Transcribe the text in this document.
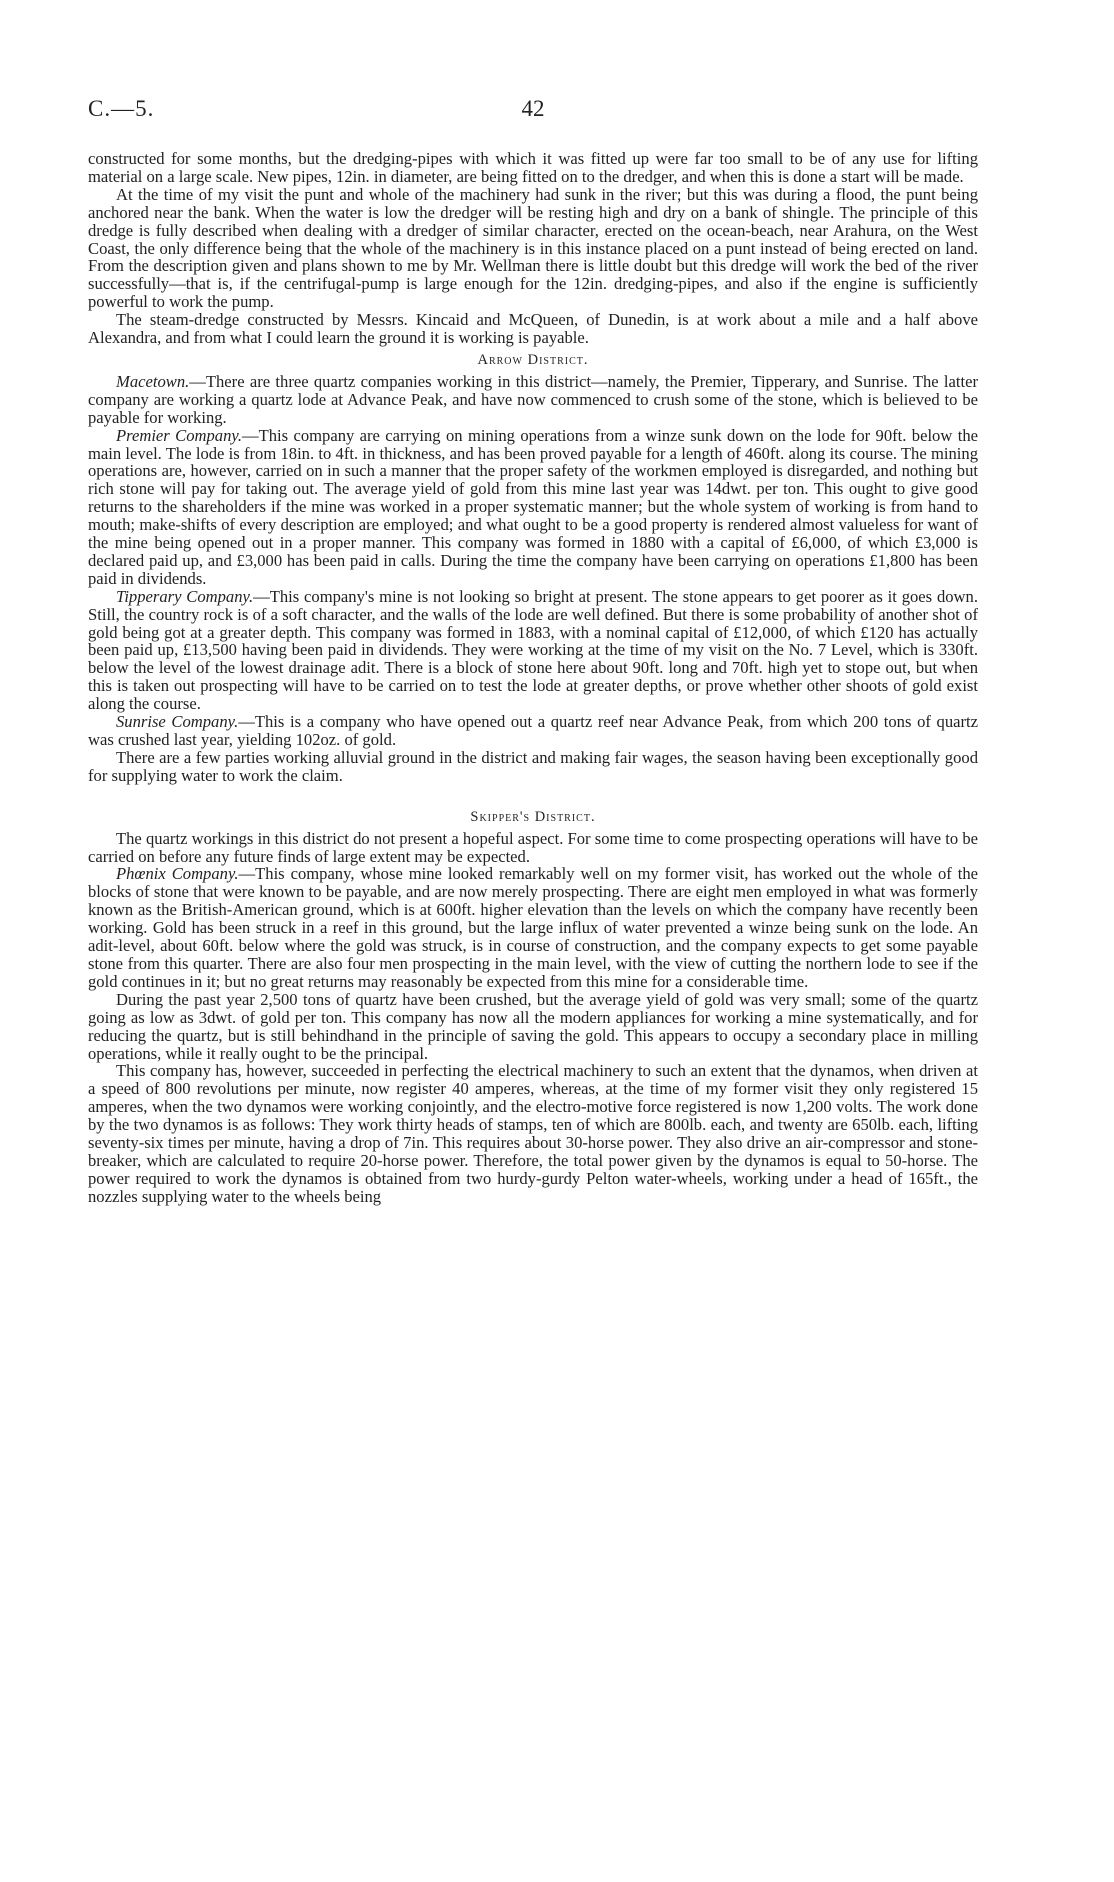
C.—5.	42

constructed for some months, but the dredging-pipes with which it was fitted up were far too small to be of any use for lifting material on a large scale. New pipes, 12in. in diameter, are being fitted on to the dredger, and when this is done a start will be made.

At the time of my visit the punt and whole of the machinery had sunk in the river; but this was during a flood, the punt being anchored near the bank. When the water is low the dredger will be resting high and dry on a bank of shingle. The principle of this dredge is fully described when dealing with a dredger of similar character, erected on the ocean-beach, near Arahura, on the West Coast, the only difference being that the whole of the machinery is in this instance placed on a punt instead of being erected on land. From the description given and plans shown to me by Mr. Wellman there is little doubt but this dredge will work the bed of the river successfully—that is, if the centrifugal-pump is large enough for the 12in. dredging-pipes, and also if the engine is sufficiently powerful to work the pump.

The steam-dredge constructed by Messrs. Kincaid and McQueen, of Dunedin, is at work about a mile and a half above Alexandra, and from what I could learn the ground it is working is payable.

Arrow District.

Macetown.—There are three quartz companies working in this district—namely, the Premier, Tipperary, and Sunrise. The latter company are working a quartz lode at Advance Peak, and have now commenced to crush some of the stone, which is believed to be payable for working.

Premier Company.—This company are carrying on mining operations from a winze sunk down on the lode for 90ft. below the main level. The lode is from 18in. to 4ft. in thickness, and has been proved payable for a length of 460ft. along its course. The mining operations are, however, carried on in such a manner that the proper safety of the workmen employed is disregarded, and nothing but rich stone will pay for taking out. The average yield of gold from this mine last year was 14dwt. per ton. This ought to give good returns to the shareholders if the mine was worked in a proper systematic manner; but the whole system of working is from hand to mouth; make-shifts of every description are employed; and what ought to be a good property is rendered almost valueless for want of the mine being opened out in a proper manner. This company was formed in 1880 with a capital of £6,000, of which £3,000 is declared paid up, and £3,000 has been paid in calls. During the time the company have been carrying on operations £1,800 has been paid in dividends.

Tipperary Company.—This company's mine is not looking so bright at present. The stone appears to get poorer as it goes down. Still, the country rock is of a soft character, and the walls of the lode are well defined. But there is some probability of another shot of gold being got at a greater depth. This company was formed in 1883, with a nominal capital of £12,000, of which £120 has actually been paid up, £13,500 having been paid in dividends. They were working at the time of my visit on the No. 7 Level, which is 330ft. below the level of the lowest drainage adit. There is a block of stone here about 90ft. long and 70ft. high yet to stope out, but when this is taken out prospecting will have to be carried on to test the lode at greater depths, or prove whether other shoots of gold exist along the course.

Sunrise Company.—This is a company who have opened out a quartz reef near Advance Peak, from which 200 tons of quartz was crushed last year, yielding 102oz. of gold.

There are a few parties working alluvial ground in the district and making fair wages, the season having been exceptionally good for supplying water to work the claim.

Skipper's District.

The quartz workings in this district do not present a hopeful aspect. For some time to come prospecting operations will have to be carried on before any future finds of large extent may be expected.

Phœnix Company.—This company, whose mine looked remarkably well on my former visit, has worked out the whole of the blocks of stone that were known to be payable, and are now merely prospecting. There are eight men employed in what was formerly known as the British-American ground, which is at 600ft. higher elevation than the levels on which the company have recently been working. Gold has been struck in a reef in this ground, but the large influx of water prevented a winze being sunk on the lode. An adit-level, about 60ft. below where the gold was struck, is in course of construction, and the company expects to get some payable stone from this quarter. There are also four men prospecting in the main level, with the view of cutting the northern lode to see if the gold continues in it; but no great returns may reasonably be expected from this mine for a considerable time.

During the past year 2,500 tons of quartz have been crushed, but the average yield of gold was very small; some of the quartz going as low as 3dwt. of gold per ton. This company has now all the modern appliances for working a mine systematically, and for reducing the quartz, but is still behindhand in the principle of saving the gold. This appears to occupy a secondary place in milling operations, while it really ought to be the principal.

This company has, however, succeeded in perfecting the electrical machinery to such an extent that the dynamos, when driven at a speed of 800 revolutions per minute, now register 40 amperes, whereas, at the time of my former visit they only registered 15 amperes, when the two dynamos were working conjointly, and the electro-motive force registered is now 1,200 volts. The work done by the two dynamos is as follows: They work thirty heads of stamps, ten of which are 800lb. each, and twenty are 650lb. each, lifting seventy-six times per minute, having a drop of 7in. This requires about 30-horse power. They also drive an air-compressor and stone-breaker, which are calculated to require 20-horse power. Therefore, the total power given by the dynamos is equal to 50-horse. The power required to work the dynamos is obtained from two hurdy-gurdy Pelton water-wheels, working under a head of 165ft., the nozzles supplying water to the wheels being
